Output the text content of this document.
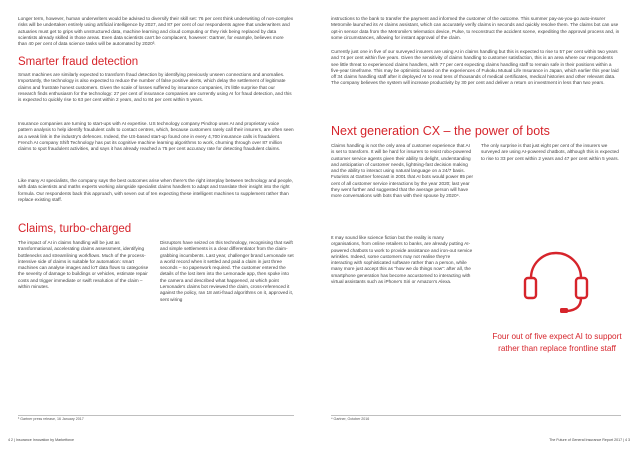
Longer term, however, human underwriters would be advised to diversify their skill set: 76 per cent think underwriting of non-complex risks will be undertaken entirely using artificial intelligence by 2027, and 87 per cent of our respondents agree that underwriters and actuaries must get to grips with unstructured data, machine learning and cloud computing or they risk being replaced by data scientists already skilled in those areas. Even data scientists can't be complacent, however: Gartner, for example, believes more than 40 per cent of data science tasks will be automated by 2020³.

Smarter fraud detection

Smart machines are similarly expected to transform fraud detection by identifying previously unseen connections and anomalies. Importantly, the technology is also expected to reduce the number of false positive alerts, which delay the settlement of legitimate claims and frustrate honest customers. Given the scale of losses suffered by insurance companies, it's little surprise that our research finds enthusiasm for the technology: 27 per cent of insurance companies are currently using AI for fraud detection, and this is expected to quickly rise to 63 per cent within 2 years, and to 84 per cent within 5 years.

Insurance companies are turning to start-ups with AI expertise. US technology company Pindrop uses AI and proprietary voice pattern analysis to help identify fraudulent calls to contact centres, which, because customers rarely call their insurers, are often seen as a weak link in the industry's defences. Indeed, the US-based start-up found one in every 4,700 insurance calls is fraudulent. French AI company Shift Technology has put its cognitive machine learning algorithms to work, churning through over 87 million claims to spot fraudulent activities, and says it has already reached a 75 per cent accuracy rate for detecting fraudulent claims.

Like many AI specialists, the company says the best outcomes arise when there's the right interplay between technology and people, with data scientists and maths experts working alongside specialist claims handlers to adapt and translate their insight into the right formula. Our respondents back this approach, with seven out of ten expecting these intelligent machines to supplement rather than replace existing staff.

Claims, turbo-charged

The impact of AI in claims handling will be just as transformational, accelerating claims assessment, identifying bottlenecks and streamlining workflows. Much of the process-intensive side of claims is suitable for automation: smart machines can analyse images and loT data flows to categorise the severity of damage to buildings or vehicles, estimate repair costs and trigger immediate or swift resolution of the claim – within minutes.

Disruptors have seized on this technology, recognising that swift and simple settlements is a clear differentiator from the claim-grabbing incumbents. Last year, challenger brand Lemonade set a world record when it settled and paid a claim in just three seconds – no paperwork required. The customer entered the details of the lost item into the Lemonade app, then spoke into the camera and described what happened, at which point Lemonade's claims bot reviewed the claim, cross-referenced it against the policy, ran 18 anti-fraud algorithms on it, approved it, sent wiring

³ Gartner press release, 16 January 2017

4 2 | Insurance Innovation by Marketforce

instructions to the bank to transfer the payment and informed the customer of the outcome. This summer pay-as-you-go auto-insurer Metromile launched its AI claims assistant, which can accurately verify claims in seconds and quickly resolve them. The claims bot can use opt-in sensor data from the Metromile's telematics device, Pulse, to reconstruct the accident scene, expediting the approval process and, in some circumstances, allowing for instant approval of the claim.

Currently just one in five of our surveyed insurers are using AI in claims handling but this is expected to rise to 57 per cent within two years and 74 per cent within five years. Given the sensitivity of claims handling to customer satisfaction, this is an area where our respondents see little threat to experienced claims handlers, with 77 per cent expecting claims handling staff to remain safe in their positions within a five-year timeframe. This may be optimistic based on the experiences of Fukoku Mutual Life Insurance in Japan, which earlier this year laid off 34 claims handling staff after it deployed AI to read tens of thousands of medical certificates, medical histories and other relevant data. The company believes the system will increase productivity by 30 per cent and deliver a return on investment in less than two years.

Next generation CX – the power of bots

Claims handling is not the only area of customer experience that AI is set to transform. It will be hard for insurers to resist robo-powered customer service agents given their ability to delight, understanding and anticipation of customer needs, lightning-fast decision making and the ability to interact using natural language on a 24/7 basis. Futurists at Gartner forecast in 2001 that AI bots would power 85 per cent of all customer service interactions by the year 2020; last year they went further and suggested that the average person will have more conversations with bots than with their spouse by 2020⁴.

It may sound like science fiction but the reality is many organisations, from online retailers to banks, are already putting AI-powered chatbots to work to provide assistance and iron-out service wrinkles. Indeed, some customers may not realise they're interacting with sophisticated software rather than a person, while many more just accept this as "how we do things now": after all, the smartphone generation has become accustomed to interacting with virtual assistants such as iPhone's Siri or Amazon's Alexa.

The only surprise is that just eight per cent of the insurers we surveyed are using AI-powered chatbots, although this is expected to rise to 33 per cent within 2 years and 47 per cent within 5 years.

Four out of five expect AI to support rather than replace frontline staff

⁴ Gartner, October 2016

The Future of General Insurance Report 2017 | 4 3
